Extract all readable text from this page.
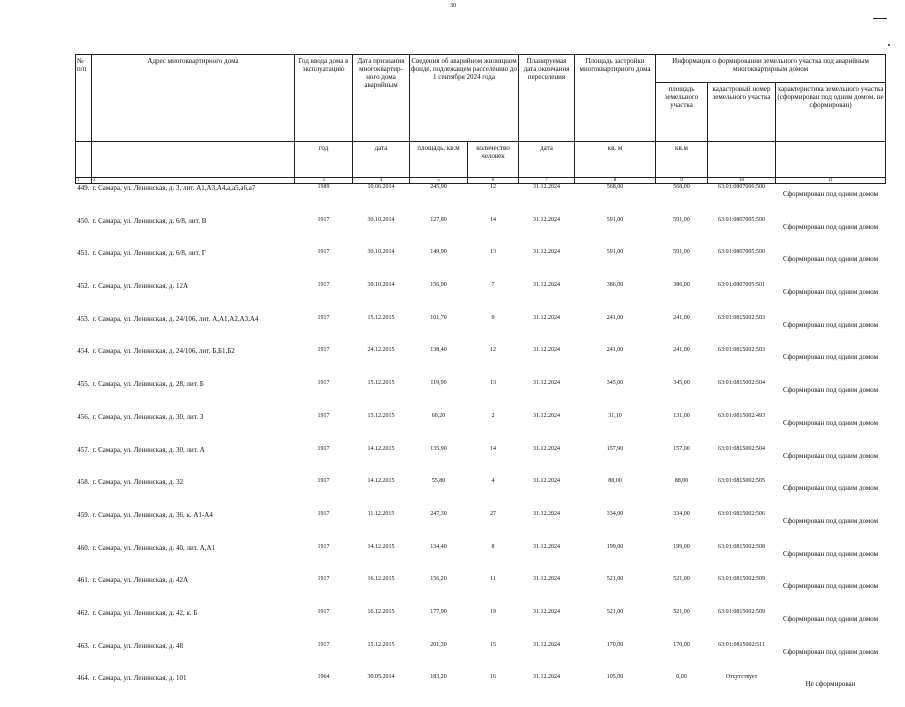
30
№ п/п	Адрес многоквартирного дома	Год ввода дома в эксплуатацию	Дата признания многоквартир-ного дома аварийным	Сведения об аварийном жилищном фонде, подлежащем расселению до 1 сентября 2024 года		Планируемая дата окончания переселения	Площадь застройки многоквартирного дома	Информация о формировании земельного участка под аварийным многоквартирным домом		
								площадь земельного участка	кадастровый номер земельного участка	характеристика земельного участка (сформирован под одним домом, не сформирован)
		год	дата	площадь, кв.м	количество человек	дата	кв. м	кв.м		
1	2	3	4	5	6	7	8	9	10	11
449.	г. Самара, ул. Ленинская, д. 3, лит. А1,А3,А4,а,а5,а6,а7	1989	10.06.2014	245,90	12	31.12.2024	568,00	568,00	63:01:0807006:500	Сформирован под одним домом
450.	г. Самара, ул. Ленинская, д. 6/8, лит. В	1917	30.10.2014	127,80	14	31.12.2024	591,00	591,00	63:01:0807005:500	Сформирован под одним домом
451.	г. Самара, ул. Ленинская, д. 6/8, лит. Г	1917	30.10.2014	149,90	13	31.12.2024	591,00	591,00	63:01:0807005:500	Сформирован под одним домом
452.	г. Самара, ул. Ленинская, д. 12А	1917	30.10.2014	156,90	7	31.12.2024	386,00	386,00	63:01:0807005:501	Сформирован под одним домом
453.	г. Самара, ул. Ленинская, д. 24/106, лит. А,А1,А2,А3,А4	1917	15.12.2015	101,70	9	31.12.2024	241,00	241,00	63:01:0815002:503	Сформирован под одним домом
454.	г. Самара, ул. Ленинская, д. 24/106, лит. Б,Б1,Б2	1917	24.12.2015	138,40	12	31.12.2024	241,00	241,00	63:01:0815002:503	Сформирован под одним домом
455.	г. Самара, ул. Ленинская, д. 28, лит. Б	1917	15.12.2015	119,90	13	31.12.2024	345,00	345,00	63:01:0815002:504	Сформирован под одним домом
456.	г. Самара, ул. Ленинская, д. 30, лит. З	1917	15.12.2015	60,20	2	31.12.2024	31,10	131,00	63:01:0815002:493	Сформирован под одним домом
457.	г. Самара, ул. Ленинская, д. 30, лит. А	1917	14.12.2015	135,90	14	31.12.2024	157,90	157,00	63:01:0815002:504	Сформирован под одним домом
458.	г. Самара, ул. Ленинская, д. 32	1917	14.12.2015	55,80	4	31.12.2024	88,00	88,00	63:01:0815002:505	Сформирован под одним домом
459.	г. Самара, ул. Ленинская, д. 36, к. А1-А4	1917	11.12.2015	247,30	27	31.12.2024	334,00	334,00	63:01:0815002:506	Сформирован под одним домом
460.	г. Самара, ул. Ленинская, д. 40, лит. А,А1	1917	14.12.2015	134,40	8	31.12.2024	199,00	199,00	63:01:0815002:508	Сформирован под одним домом
461.	г. Самара, ул. Ленинская, д. 42А	1917	16.12.2015	156,20	11	31.12.2024	521,00	521,00	63:01:0815002:509	Сформирован под одним домом
462.	г. Самара, ул. Ленинская, д. 42, к. Б	1917	16.12.2015	177,90	19	31.12.2024	521,00	521,00	63:01:0815002:509	Сформирован под одним домом
463.	г. Самара, ул. Ленинская, д. 48	1917	15.12.2015	201,30	15	31.12.2024	170,00	170,00	63:01:0815002:511	Сформирован под одним домом
464.	г. Самара, ул. Ленинская, д. 101	1964	30.05.2014	183,20	16	31.12.2024	105,00	0,00	Отсутствует	Не сформирован
